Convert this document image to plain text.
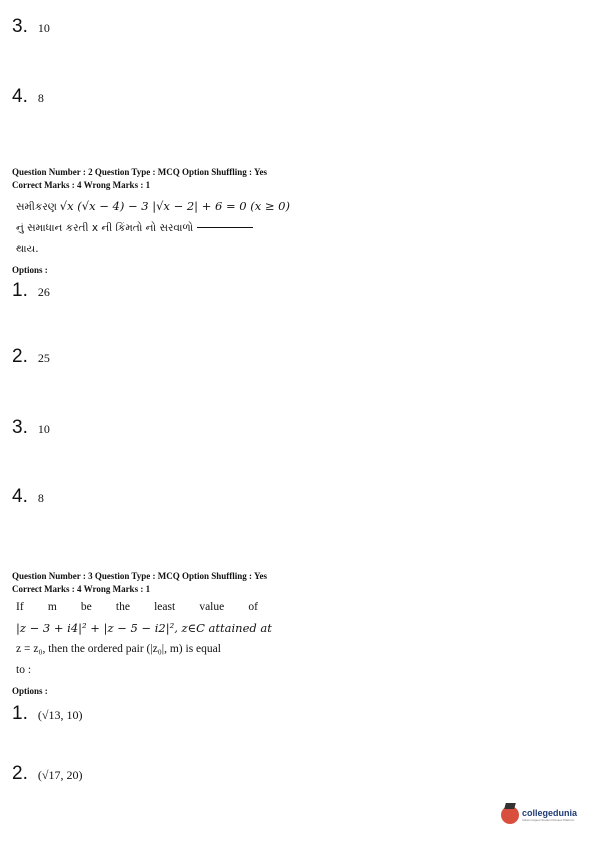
3. 10
4. 8
Question Number : 2 Question Type : MCQ Option Shuffling : Yes
Correct Marks : 4 Wrong Marks : 1
સમીકરણ √x (√x − 4) − 3 |√x − 2| + 6 = 0 (x ≥ 0)
નું સમાધાન કરતી x ની કિંમતો નો સરવાળો
થાય.
Options :
1. 26
2. 25
3. 10
4. 8
Question Number : 3 Question Type : MCQ Option Shuffling : Yes
Correct Marks : 4 Wrong Marks : 1
If m be the least value of
|z − 3 + i4|² + |z − 5 − i2|², z∈C attained at
z = z₀, then the ordered pair (|z₀|, m) is equal
to :
Options :
1. (√13, 10)
2. (√17, 20)
collegedunia
India's largest Student Review Platform
